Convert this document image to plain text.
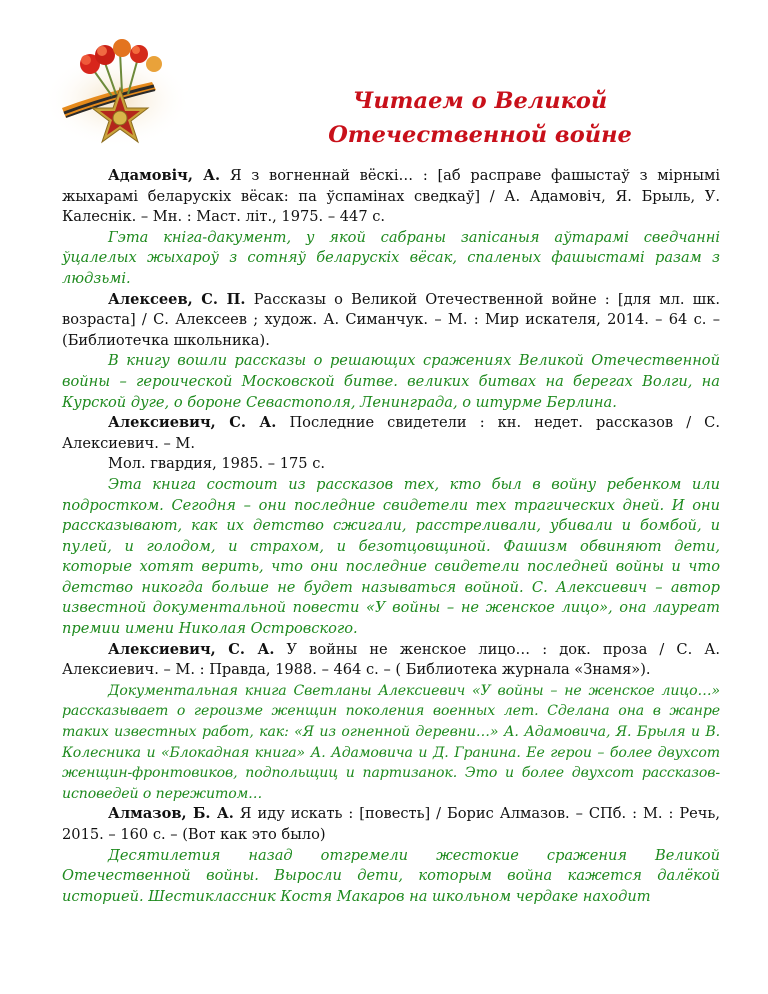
Читаем о Великой
Отечественной войне

Адамовіч, А. Я з вогненнай вёскі… : [аб расправе фашыстаў з мірнымі жыхарамі беларускіх вёсак: па ўспамінах сведкаў] / А. Адамовіч, Я. Брыль, У. Калеснік. – Мн. : Маст. літ., 1975. – 447 с.

Гэта кніга-дакумент, у якой сабраны запісаныя аўтарамі сведчанні ўцалелых жыхароў з сотняў беларускіх вёсак, спаленых фашыстамі разам з людзьмі.

Алексеев, С. П. Рассказы о Великой Отечественной войне : [для мл. шк. возраста] / С. Алексеев ; худож. А. Симанчук. – М. : Мир искателя, 2014. – 64 с. – (Библиотечка школьника).

В книгу вошли рассказы о решающих сражениях Великой Отечественной войны – героической Московской битве. великих битвах на берегах Волги, на Курской дуге, о бороне Севастополя, Ленинграда, о штурме Берлина.

Алексиевич, С. А. Последние свидетели : кн. недет. рассказов / С. Алексиевич. – М.

Мол. гвардия, 1985. – 175 с.

Эта книга состоит из рассказов тех, кто был в войну ребенком или подростком. Сегодня – они последние свидетели тех трагических дней. И они рассказывают, как их детство сжигали, расстреливали, убивали и бомбой, и пулей, и голодом, и страхом, и безотцовщиной. Фашизм обвиняют дети, которые хотят верить, что они последние свидетели последней войны и что детство никогда больше не будет называться войной. С. Алексиевич – автор известной документальной повести «У войны – не женское лицо», она лауреат премии имени Николая Островского.

Алексиевич, С. А. У войны не женское лицо… : док. проза / С. А. Алексиевич. – М. : Правда, 1988. – 464 с. – ( Библиотека журнала «Знамя»).

Документальная книга Светланы Алексиевич «У войны – не женское лицо…» рассказывает о героизме женщин поколения военных лет. Сделана она в жанре таких известных работ, как: «Я из огненной деревни…» А. Адамовича, Я. Брыля и В. Колесника и «Блокадная книга» А. Адамовича и Д. Гранина. Ее герои – более двухсот женщин-фронтовиков, подпольщиц и партизанок. Это и более двухсот рассказов-исповедей о пережитом…

Алмазов, Б. А. Я иду искать : [повесть] / Борис Алмазов. – СПб. : М. : Речь, 2015. – 160 с. – (Вот как это было)

Десятилетия назад отгремели жестокие сражения Великой Отечественной войны. Выросли дети, которым война кажется далёкой историей. Шестиклассник Костя Макаров на школьном чердаке находит
